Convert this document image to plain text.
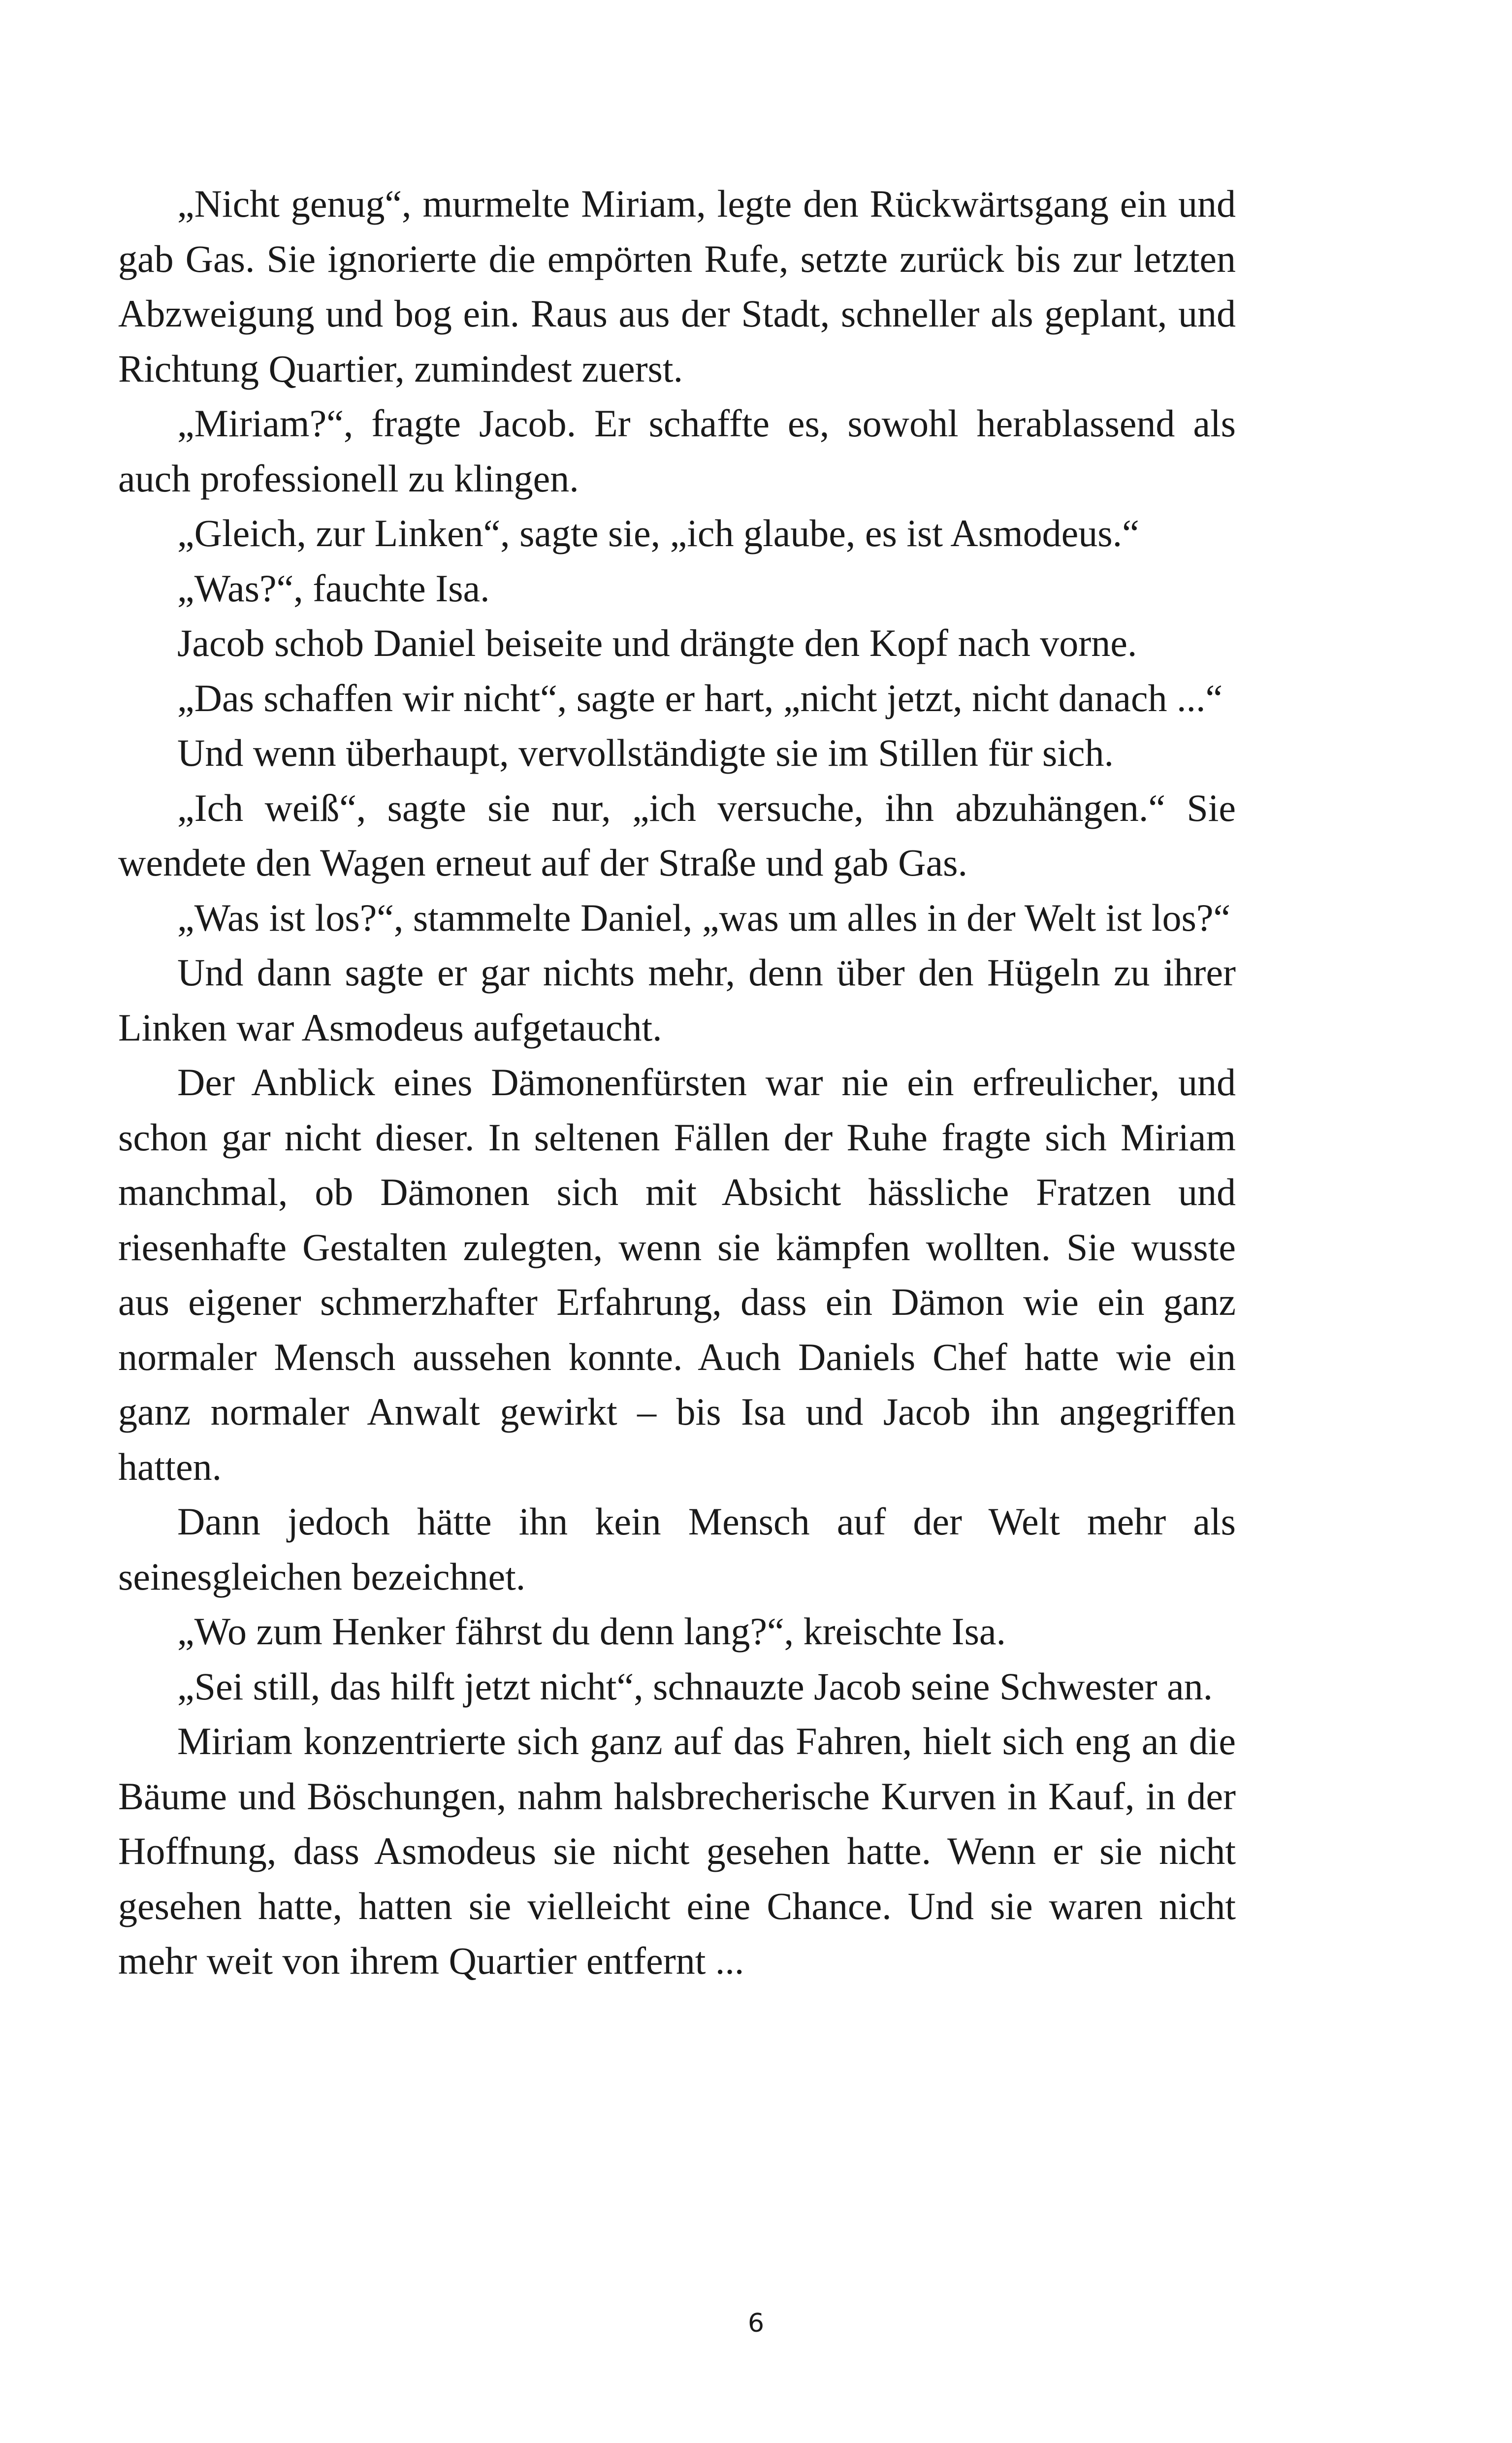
„Nicht genug“, murmelte Miriam, legte den Rückwärtsgang ein und gab Gas. Sie ignorierte die empörten Rufe, setzte zurück bis zur letzten Abzweigung und bog ein. Raus aus der Stadt, schneller als geplant, und Richtung Quartier, zumindest zuerst.

„Miriam?“, fragte Jacob. Er schaffte es, sowohl herablassend als auch professionell zu klingen.

„Gleich, zur Linken“, sagte sie, „ich glaube, es ist Asmodeus.“

„Was?“, fauchte Isa.

Jacob schob Daniel beiseite und drängte den Kopf nach vorne.

„Das schaffen wir nicht“, sagte er hart, „nicht jetzt, nicht danach ...“

Und wenn überhaupt, vervollständigte sie im Stillen für sich.

„Ich weiß“, sagte sie nur, „ich versuche, ihn abzuhängen.“ Sie wendete den Wagen erneut auf der Straße und gab Gas.

„Was ist los?“, stammelte Daniel, „was um alles in der Welt ist los?“

Und dann sagte er gar nichts mehr, denn über den Hügeln zu ihrer Linken war Asmodeus aufgetaucht.

Der Anblick eines Dämonenfürsten war nie ein erfreulicher, und schon gar nicht dieser. In seltenen Fällen der Ruhe fragte sich Miriam manchmal, ob Dämonen sich mit Absicht hässliche Fratzen und riesenhafte Gestalten zulegten, wenn sie kämpfen wollten. Sie wusste aus eigener schmerzhafter Erfahrung, dass ein Dämon wie ein ganz normaler Mensch aussehen konnte. Auch Daniels Chef hatte wie ein ganz normaler Anwalt gewirkt – bis Isa und Jacob ihn angegriffen hatten.

Dann jedoch hätte ihn kein Mensch auf der Welt mehr als seinesgleichen bezeichnet.

„Wo zum Henker fährst du denn lang?“, kreischte Isa.

„Sei still, das hilft jetzt nicht“, schnauzte Jacob seine Schwester an.

Miriam konzentrierte sich ganz auf das Fahren, hielt sich eng an die Bäume und Böschungen, nahm halsbrecherische Kurven in Kauf, in der Hoffnung, dass Asmodeus sie nicht gesehen hatte. Wenn er sie nicht gesehen hatte, hatten sie vielleicht eine Chance. Und sie waren nicht mehr weit von ihrem Quartier entfernt ...

6
